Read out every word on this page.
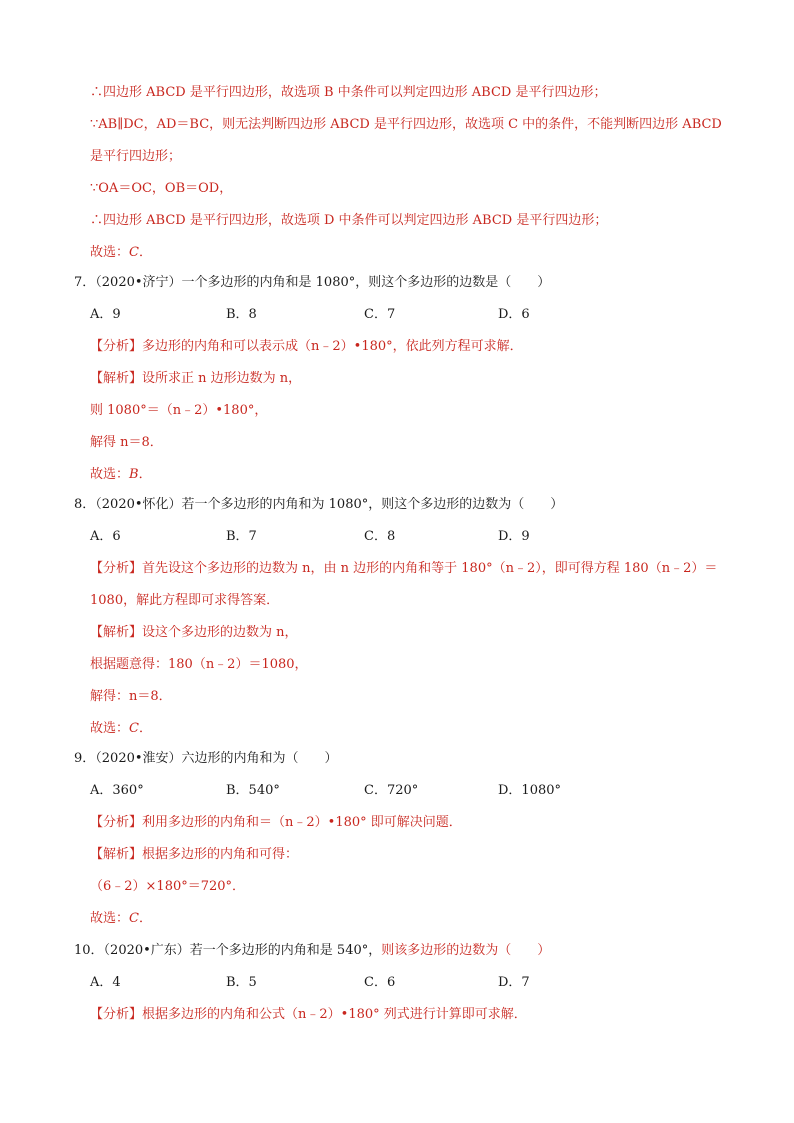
∴四边形 ABCD 是平行四边形，故选项 B 中条件可以判定四边形 ABCD 是平行四边形；
∵AB∥DC，AD＝BC，则无法判断四边形 ABCD 是平行四边形，故选项 C 中的条件，不能判断四边形 ABCD
是平行四边形；
∵OA＝OC，OB＝OD，
∴四边形 ABCD 是平行四边形，故选项 D 中条件可以判定四边形 ABCD 是平行四边形；
故选：C．
7．（2020•济宁）一个多边形的内角和是 1080°，则这个多边形的边数是（　　）
A．9	B．8	C．7	D．6
【分析】多边形的内角和可以表示成（n﹣2）•180°，依此列方程可求解．
【解析】设所求正 n 边形边数为 n，
则 1080°＝（n﹣2）•180°，
解得 n＝8．
故选：B．
8．（2020•怀化）若一个多边形的内角和为 1080°，则这个多边形的边数为（　　）
A．6	B．7	C．8	D．9
【分析】首先设这个多边形的边数为 n，由 n 边形的内角和等于 180°（n﹣2），即可得方程 180（n﹣2）＝
1080，解此方程即可求得答案．
【解析】设这个多边形的边数为 n，
根据题意得：180（n﹣2）＝1080，
解得：n＝8．
故选：C．
9．（2020•淮安）六边形的内角和为（　　）
A．360°	B．540°	C．720°	D．1080°
【分析】利用多边形的内角和＝（n﹣2）•180° 即可解决问题．
【解析】根据多边形的内角和可得：
（6﹣2）×180°＝720°．
故选：C．
10．（2020•广东）若一个多边形的内角和是 540°，则该多边形的边数为（　　）
A．4	B．5	C．6	D．7
【分析】根据多边形的内角和公式（n﹣2）•180° 列式进行计算即可求解．
